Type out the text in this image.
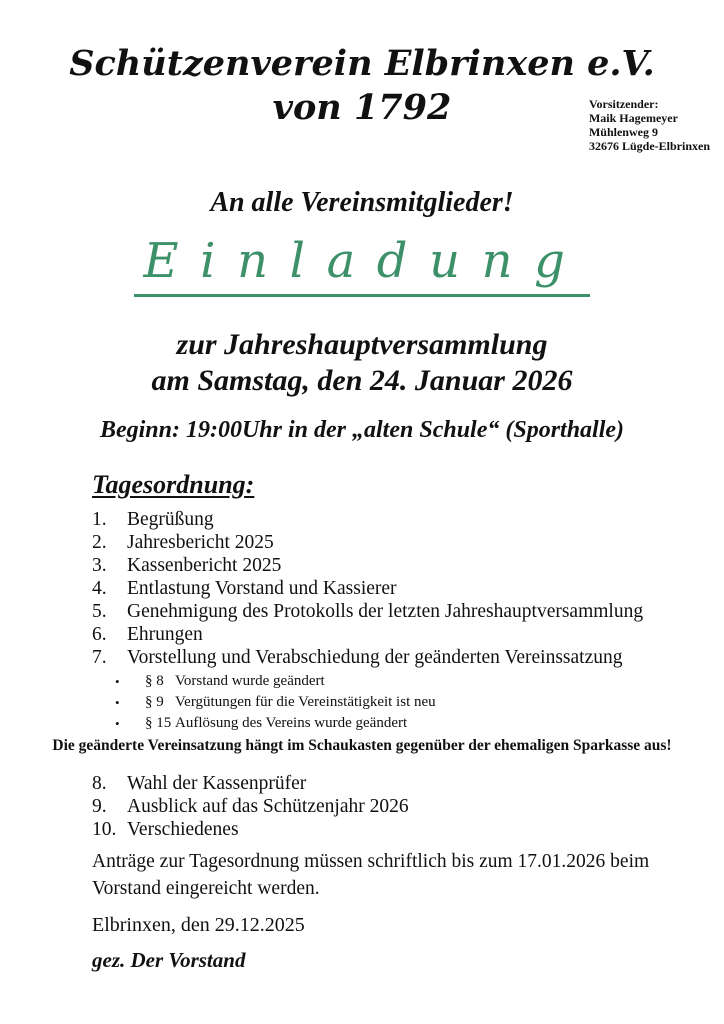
Schützenverein Elbrinxen e.V.
von 1792	Vorsitzender:
Maik Hagemeyer
Mühlenweg 9
32676 Lügde-Elbrinxen
An alle Vereinsmitglieder!
Einladung
zur Jahreshauptversammlung
am Samstag, den 24. Januar 2026
Beginn: 19:00Uhr in der „alten Schule“ (Sporthalle)
Tagesordnung:
1.	Begrüßung
2.	Jahresbericht 2025
3.	Kassenbericht 2025
4.	Entlastung Vorstand und Kassierer
5.	Genehmigung des Protokolls der letzten Jahreshauptversammlung
6.	Ehrungen
7.	Vorstellung und Verabschiedung der geänderten Vereinssatzung
•	§ 8 Vorstand wurde geändert
•	§ 9 Vergütungen für die Vereinstätigkeit ist neu
•	§ 15 Auflösung des Vereins wurde geändert
Die geänderte Vereinsatzung hängt im Schaukasten gegenüber der ehemaligen Sparkasse aus!
8.	Wahl der Kassenprüfer
9.	Ausblick auf das Schützenjahr 2026
10. Verschiedenes
Anträge zur Tagesordnung müssen schriftlich bis zum 17.01.2026 beim
Vorstand eingereicht werden.
Elbrinxen, den 29.12.2025
gez. Der Vorstand
